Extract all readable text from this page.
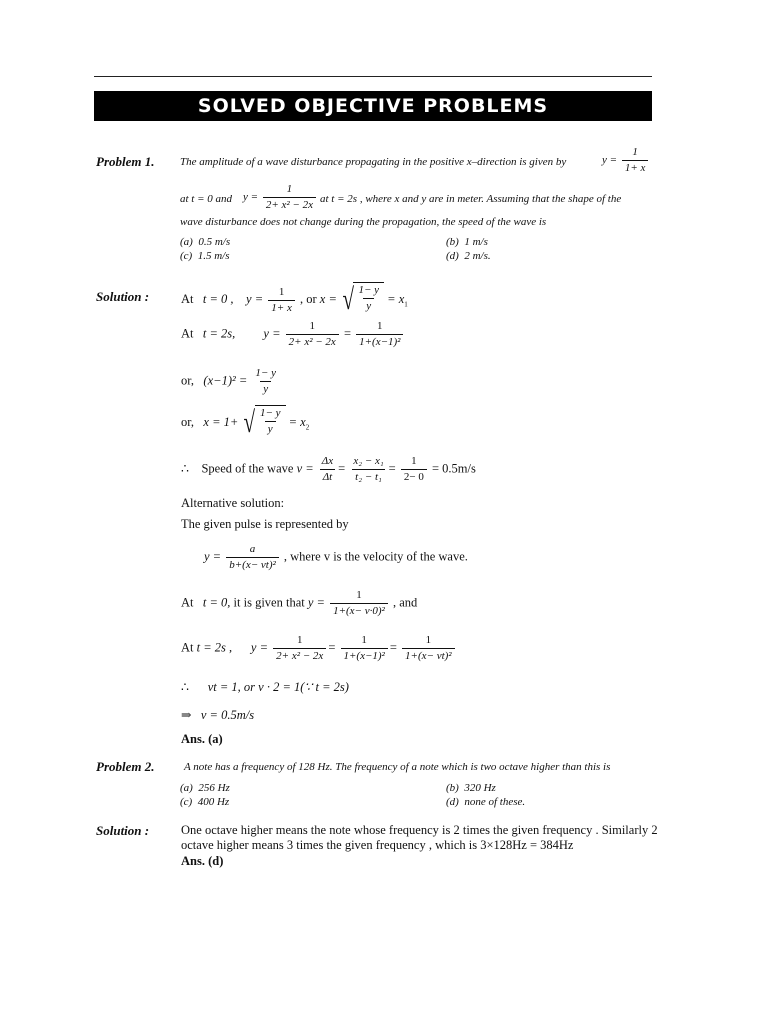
SOLVED OBJECTIVE PROBLEMS
Problem 1. The amplitude of a wave disturbance propagating in the positive x–direction is given by	$y = \frac{1}{1+ x}$
at t = 0 and $y = \frac{1}{\text{2+ x² − 2x}}$ at t = 2s , where x and y are in meter. Assuming that the shape of the
wave disturbance does not change during the propagation, the speed of the wave is
(a) 0.5 m/s	(b) 1 m/s
(c) 1.5 m/s	(d) 2 m/s.
Solution :	At t = 0 , $y = \frac{1}{1+ x}$ , or x = √ $\frac{1- y}{y} = x_1$
At t = 2s, $y = \frac{1}{\text{2+ x² − 2x}} = \frac{1}{\text{1+(x−1)²}}$
or, $(x-1)^2 = \frac{1- y}{y}$
or, x = 1+ √ $\frac{1- y}{y} = x_2$
∴ Speed of the wave $v = \frac{\Delta x}{\Delta t} = \frac{\text{x₂ − x₁}}{\text{t₂ − t₁}} = \frac{1}{2- 0} = 0.5m/s$
Alternative solution:
The given pulse is represented by
$y = \frac{a}{\text{b+(x− vt)²}}$ , where v is the velocity of the wave.
At t = 0, it is given that $y = \frac{1}{\text{1+(x− v·0)²}}$ , and
At t = 2s , $y = \frac{1}{\text{2+ x² − 2x}} = \frac{1}{\text{1+(x−1)²}} = \frac{1}{\text{1+(x− vt)²}}$
∴ vt = 1, or v · 2 = 1(∵ t = 2s)
⇒ v = 0.5m/s
Ans. (a)
Problem 2.	A note has a frequency of 128 Hz. The frequency of a note which is two octave higher than this is
(a) 256 Hz	(b) 320 Hz
(c) 400 Hz	(d) none of these.
Solution :	One octave higher means the note whose frequency is 2 times the given frequency . Similarly 2
octave higher means 3 times the given frequency , which is 3×128Hz = 384Hz
Ans. (d)
